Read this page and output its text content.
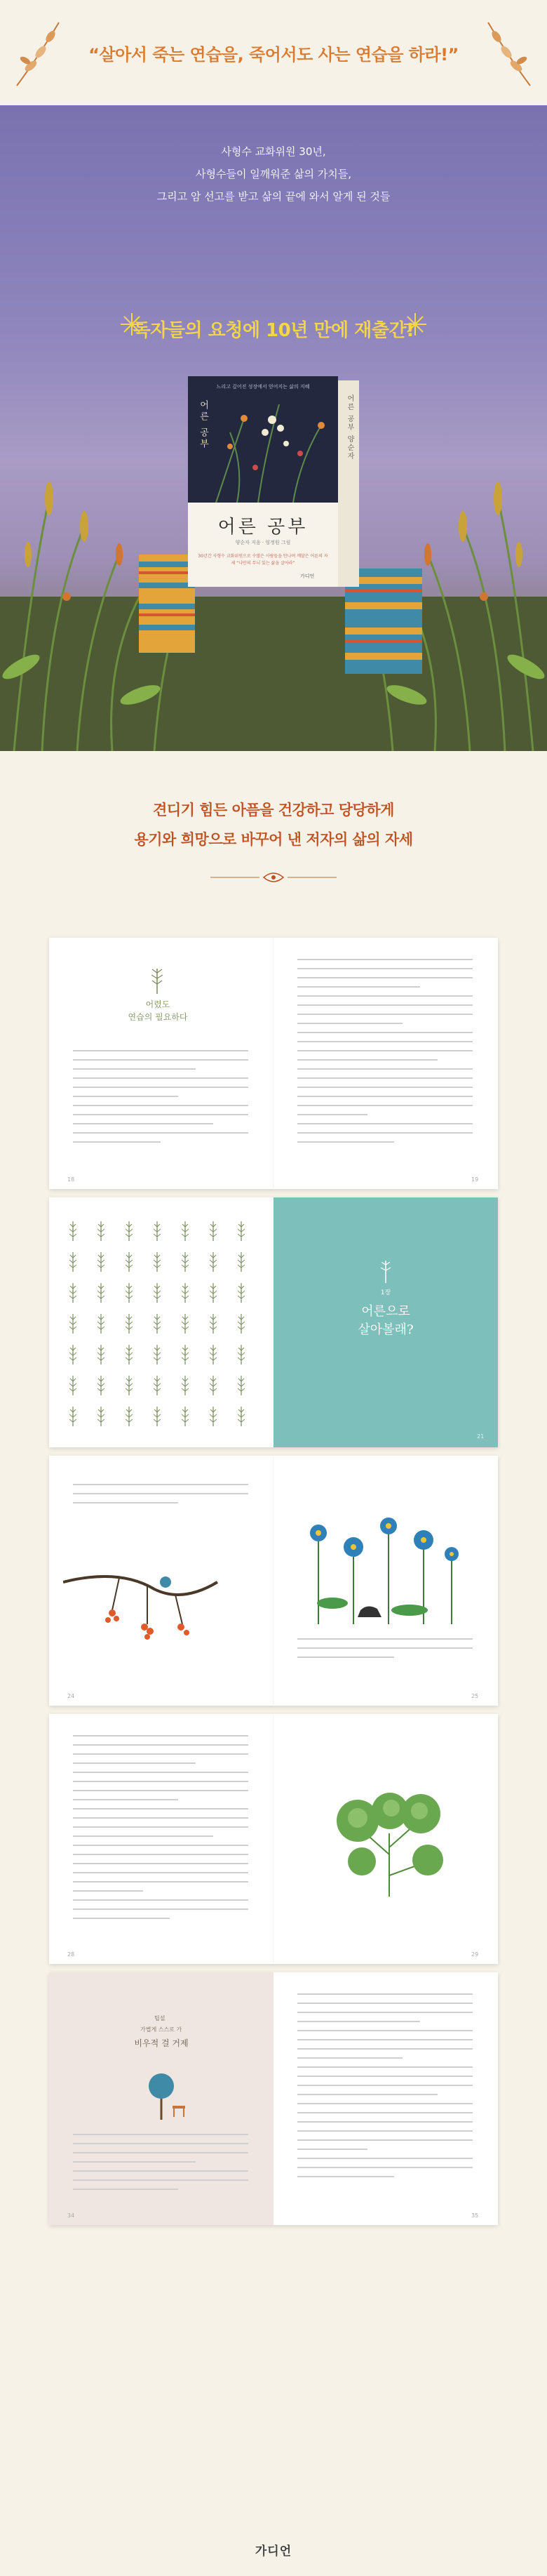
“살아서 죽는 연습을, 죽어서도 사는 연습을 하라!”
사형수 교화위원 30년,
사형수들이 일깨워준 삶의 가치들,
그리고 암 선고를 받고 삶의 끝에 와서 알게 된 것들
독자들의 요청에 10년 만에 재출간!
어른 공부 양순자
느리고 깊어진 성장에서 얻어지는 삶의 지혜
어른 공부
어른 공부
양순자 지음 · 엄정원 그림
30년간 사형수 교화위원으로 수많은 사람들을 만나며 깨달은 어른의 자세 “나만의 무늬 있는 삶을 살아라”
가디언
견디기 힘든 아픔을 건강하고 당당하게
용기와 희망으로 바꾸어 낸 저자의 삶의 자세
어렸도
연습의 필요하다
18	19
1장
어른으로
살아볼래?
21
24	25
28	29
팁설
가볍게 스스로 가
비우적 걸 거제
34	35
가디언
